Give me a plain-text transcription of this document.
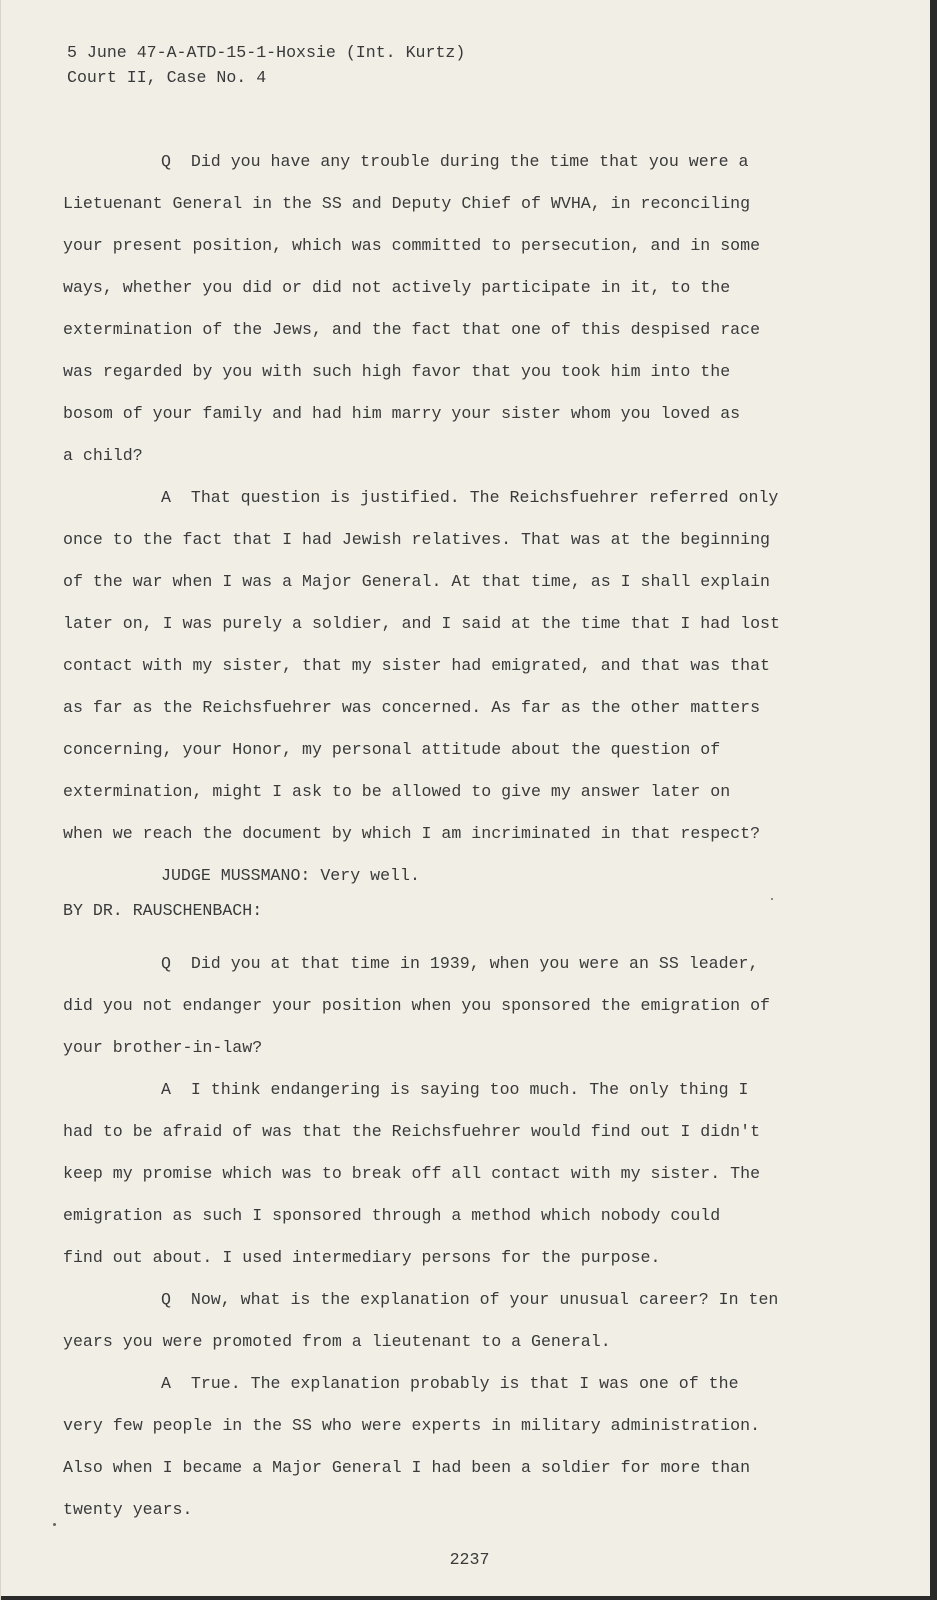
5 June 47-A-ATD-15-1-Hoxsie (Int. Kurtz)
Court II, Case No. 4
Q  Did you have any trouble during the time that you were a
Lietuenant General in the SS and Deputy Chief of WVHA, in reconciling
your present position, which was committed to persecution, and in some
ways, whether you did or did not actively participate in it, to the
extermination of the Jews, and the fact that one of this despised race
was regarded by you with such high favor that you took him into the
bosom of your family and had him marry your sister whom you loved as
a child?
A  That question is justified. The Reichsfuehrer referred only
once to the fact that I had Jewish relatives. That was at the beginning
of the war when I was a Major General. At that time, as I shall explain
later on, I was purely a soldier, and I said at the time that I had lost
contact with my sister, that my sister had emigrated, and that was that
as far as the Reichsfuehrer was concerned. As far as the other matters
concerning, your Honor, my personal attitude about the question of
extermination, might I ask to be allowed to give my answer later on
when we reach the document by which I am incriminated in that respect?
JUDGE MUSSMANO: Very well.
BY DR. RAUSCHENBACH:
Q  Did you at that time in 1939, when you were an SS leader,
did you not endanger your position when you sponsored the emigration of
your brother-in-law?
A  I think endangering is saying too much. The only thing I
had to be afraid of was that the Reichsfuehrer would find out I didn't
keep my promise which was to break off all contact with my sister. The
emigration as such I sponsored through a method which nobody could
find out about. I used intermediary persons for the purpose.
Q  Now, what is the explanation of your unusual career? In ten
years you were promoted from a lieutenant to a General.
A  True. The explanation probably is that I was one of the
very few people in the SS who were experts in military administration.
Also when I became a Major General I had been a soldier for more than
twenty years.
2237
